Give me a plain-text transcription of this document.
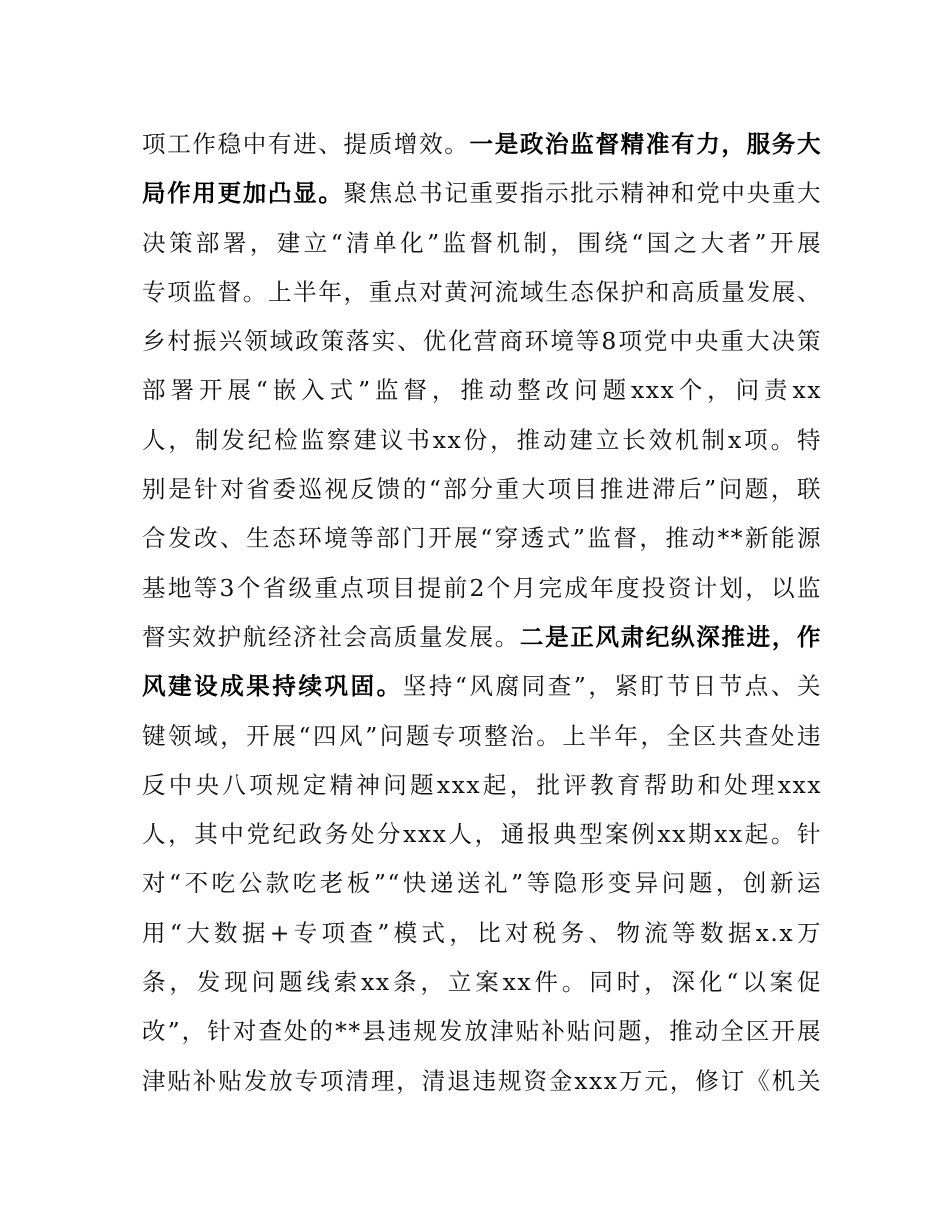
项工作稳中有进、提质增效。一是政治监督精准有力，服务大
局作用更加凸显。聚焦总书记重要指示批示精神和党中央重大
决策部署，建立“清单化”监督机制，围绕“国之大者”开展
专项监督。上半年，重点对黄河流域生态保护和高质量发展、
乡村振兴领域政策落实、优化营商环境等8项党中央重大决策
部署开展“嵌入式”监督，推动整改问题xxx个，问责xx
人，制发纪检监察建议书xx份，推动建立长效机制x项。特
别是针对省委巡视反馈的“部分重大项目推进滞后”问题，联
合发改、生态环境等部门开展“穿透式”监督，推动**新能源
基地等3个省级重点项目提前2个月完成年度投资计划，以监
督实效护航经济社会高质量发展。二是正风肃纪纵深推进，作
风建设成果持续巩固。坚持“风腐同查”，紧盯节日节点、关
键领域，开展“四风”问题专项整治。上半年，全区共查处违
反中央八项规定精神问题xxx起，批评教育帮助和处理xxx
人，其中党纪政务处分xxx人，通报典型案例xx期xx起。针
对“不吃公款吃老板”“快递送礼”等隐形变异问题，创新运
用“大数据+专项查”模式，比对税务、物流等数据x.x万
条，发现问题线索xx条，立案xx件。同时，深化“以案促
改”，针对查处的**县违规发放津贴补贴问题，推动全区开展
津贴补贴发放专项清理，清退违规资金xxx万元，修订《机关
